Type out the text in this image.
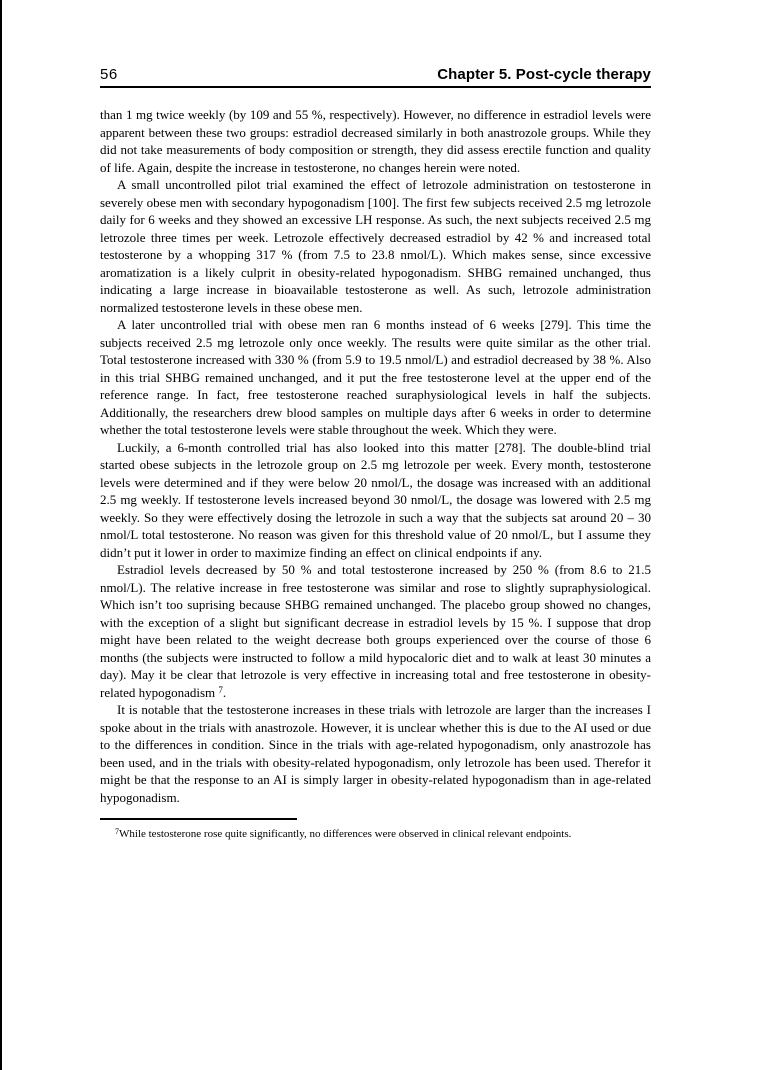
56	Chapter 5. Post-cycle therapy

than 1 mg twice weekly (by 109 and 55 %, respectively). However, no difference in estradiol levels were apparent between these two groups: estradiol decreased similarly in both anastrozole groups. While they did not take measurements of body composition or strength, they did assess erectile function and quality of life. Again, despite the increase in testosterone, no changes herein were noted.

A small uncontrolled pilot trial examined the effect of letrozole administration on testosterone in severely obese men with secondary hypogonadism [100]. The first few subjects received 2.5 mg letrozole daily for 6 weeks and they showed an excessive LH response. As such, the next subjects received 2.5 mg letrozole three times per week. Letrozole effectively decreased estradiol by 42 % and increased total testosterone by a whopping 317 % (from 7.5 to 23.8 nmol/L). Which makes sense, since excessive aromatization is a likely culprit in obesity-related hypogonadism. SHBG remained unchanged, thus indicating a large increase in bioavailable testosterone as well. As such, letrozole administration normalized testosterone levels in these obese men.

A later uncontrolled trial with obese men ran 6 months instead of 6 weeks [279]. This time the subjects received 2.5 mg letrozole only once weekly. The results were quite similar as the other trial. Total testosterone increased with 330 % (from 5.9 to 19.5 nmol/L) and estradiol decreased by 38 %. Also in this trial SHBG remained unchanged, and it put the free testosterone level at the upper end of the reference range. In fact, free testosterone reached suraphysiological levels in half the subjects. Additionally, the researchers drew blood samples on multiple days after 6 weeks in order to determine whether the total testosterone levels were stable throughout the week. Which they were.

Luckily, a 6-month controlled trial has also looked into this matter [278]. The double-blind trial started obese subjects in the letrozole group on 2.5 mg letrozole per week. Every month, testosterone levels were determined and if they were below 20 nmol/L, the dosage was increased with an additional 2.5 mg weekly. If testosterone levels increased beyond 30 nmol/L, the dosage was lowered with 2.5 mg weekly. So they were effectively dosing the letrozole in such a way that the subjects sat around 20 – 30 nmol/L total testosterone. No reason was given for this threshold value of 20 nmol/L, but I assume they didn’t put it lower in order to maximize finding an effect on clinical endpoints if any.

Estradiol levels decreased by 50 % and total testosterone increased by 250 % (from 8.6 to 21.5 nmol/L). The relative increase in free testosterone was similar and rose to slightly supraphysiological. Which isn’t too suprising because SHBG remained unchanged. The placebo group showed no changes, with the exception of a slight but significant decrease in estradiol levels by 15 %. I suppose that drop might have been related to the weight decrease both groups experienced over the course of those 6 months (the subjects were instructed to follow a mild hypocaloric diet and to walk at least 30 minutes a day). May it be clear that letrozole is very effective in increasing total and free testosterone in obesity-related hypogonadism $^7$.

It is notable that the testosterone increases in these trials with letrozole are larger than the increases I spoke about in the trials with anastrozole. However, it is unclear whether this is due to the AI used or due to the differences in condition. Since in the trials with age-related hypogonadism, only anastrozole has been used, and in the trials with obesity-related hypogonadism, only letrozole has been used. Therefor it might be that the response to an AI is simply larger in obesity-related hypogonadism than in age-related hypogonadism.

$^7$While testosterone rose quite significantly, no differences were observed in clinical relevant endpoints.
